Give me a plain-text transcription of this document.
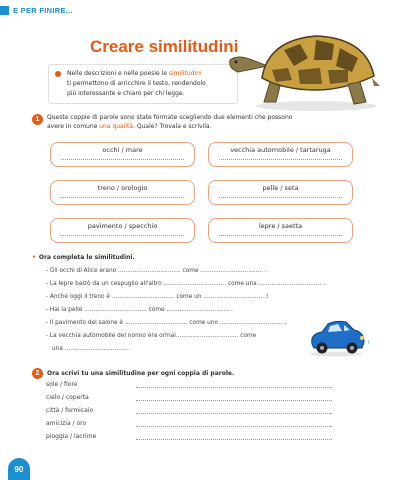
E PER FINIRE...
Creare similitudini
Nelle descrizioni e nelle poesie le similitudini
ti permettono di arricchire il testo, rendendolo
più interessante e chiaro per chi legge.
1	Queste coppie di parole sono state formate scegliendo due elementi che possono
avere in comune una qualità. Quale? Trovala e scrivila.
• Ora completa le similitudini.
- Gli occhi di Alice erano .................................. come .................................. .
- La lepre balzò da un cespuglio all'altro .................................. come una .................................. .
- Anche oggi il treno è .................................. come un ..................................!
- Hai la pelle .................................. come .................................. .
- Il pavimento del salone è .................................. come uno .................................. .
- La vecchia automobile del nonno era ormai.................................. come
una .................................. .
2	Ora scrivi tu una similitudine per ogni coppia di parole.
sole / fiore
cielo / coperta
città / formicaio
amicizia / oro
pioggia / lacrime
90
occhi / mare	vecchia automobile / tartaruga
treno / orologio	pelle / seta
pavimento / specchio	lepre / saetta
